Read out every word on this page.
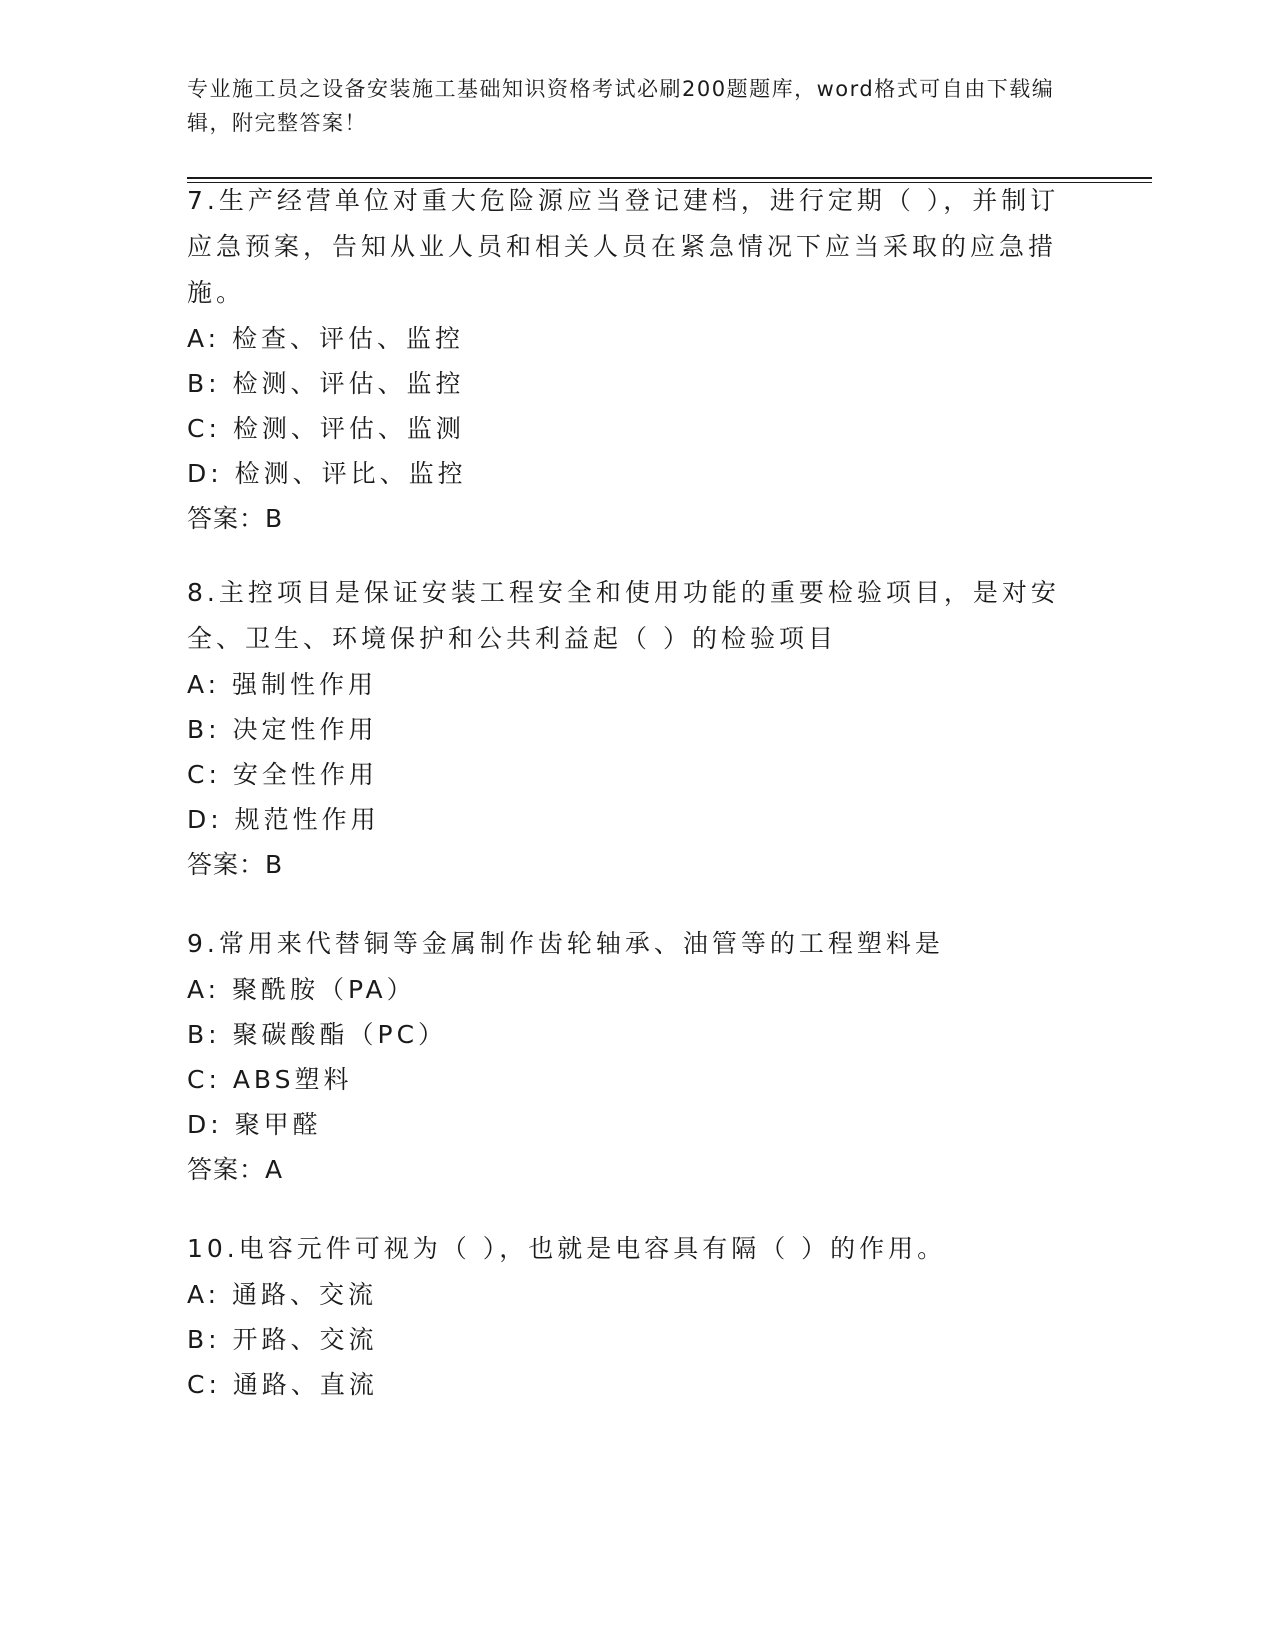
专业施工员之设备安装施工基础知识资格考试必刷200题题库，word格式可自由下载编辑，附完整答案！

7.生产经营单位对重大危险源应当登记建档，进行定期（ ），并制订应急预案，告知从业人员和相关人员在紧急情况下应当采取的应急措施。

A: 检查、评估、监控

B: 检测、评估、监控

C: 检测、评估、监测

D: 检测、评比、监控

答案：B

8.主控项目是保证安装工程安全和使用功能的重要检验项目，是对安全、卫生、环境保护和公共利益起（ ）的检验项目

A: 强制性作用

B: 决定性作用

C: 安全性作用

D: 规范性作用

答案：B

9.常用来代替铜等金属制作齿轮轴承、油管等的工程塑料是

A: 聚酰胺（PA）

B: 聚碳酸酯（PC）

C: ABS塑料

D: 聚甲醛

答案：A

10.电容元件可视为（ ），也就是电容具有隔（ ）的作用。

A: 通路、交流

B: 开路、交流

C: 通路、直流
